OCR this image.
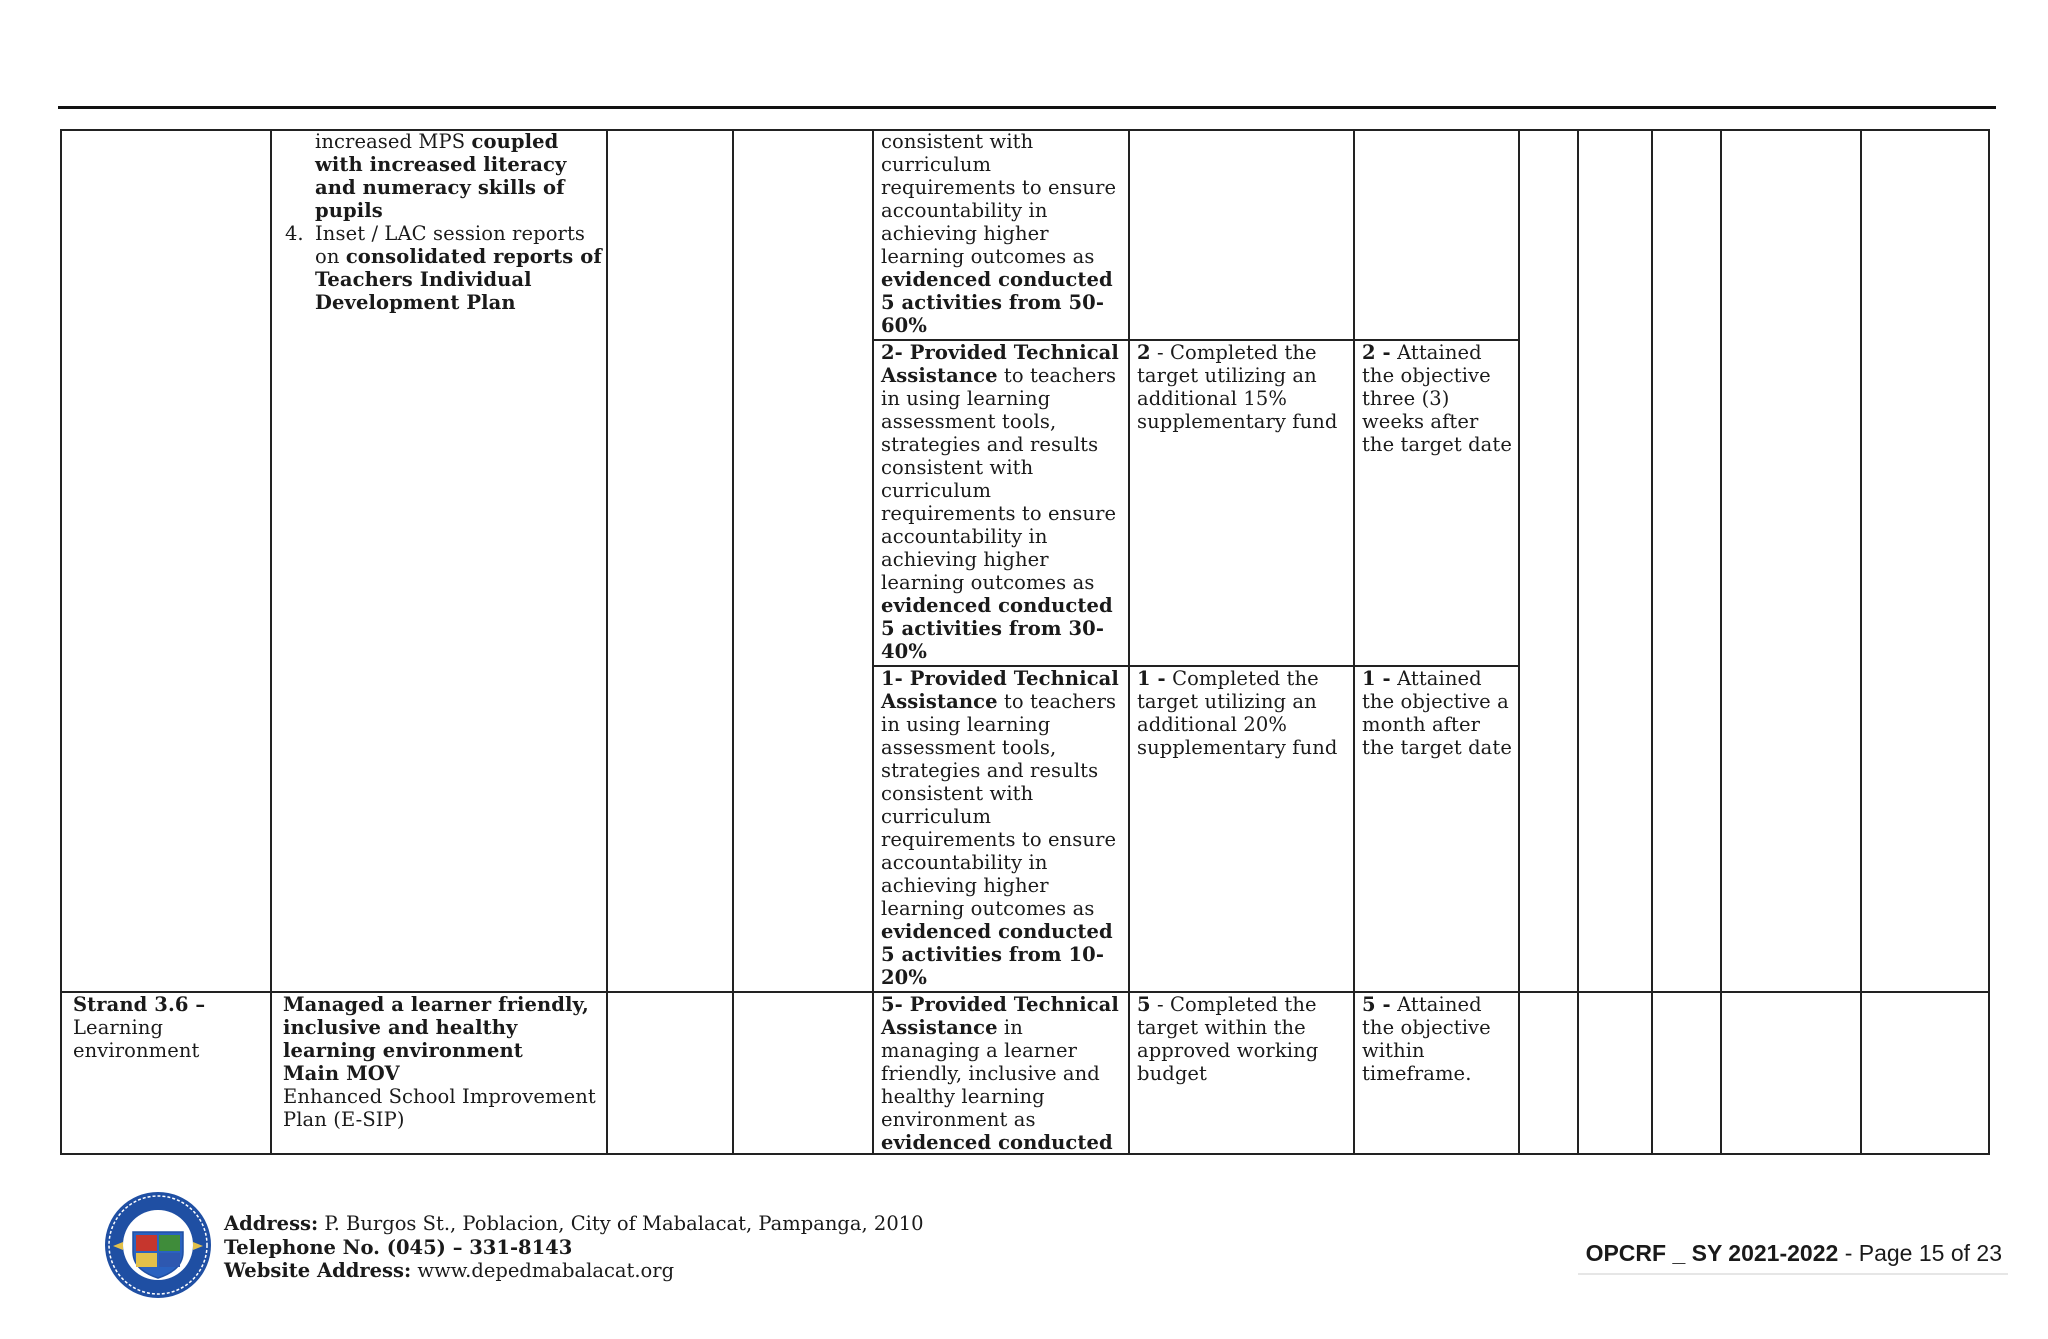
increased MPS coupled
with increased literacy
and numeracy skills of
pupils
Inset / LAC session reports
on consolidated reports of
Teachers Individual
Development Plan
4.
consistent with
curriculum
requirements to ensure
accountability in
achieving higher
learning outcomes as
evidenced conducted
5 activities from 50-
60%
2- Provided Technical
Assistance to teachers
in using learning
assessment tools,
strategies and results
consistent with
curriculum
requirements to ensure
accountability in
achieving higher
learning outcomes as
evidenced conducted
5 activities from 30-
40%
2 - Completed the
target utilizing an
additional 15%
supplementary fund
2 - Attained
the objective
three (3)
weeks after
the target date
1- Provided Technical
Assistance to teachers
in using learning
assessment tools,
strategies and results
consistent with
curriculum
requirements to ensure
accountability in
achieving higher
learning outcomes as
evidenced conducted
5 activities from 10-
20%
1 - Completed the
target utilizing an
additional 20%
supplementary fund
1 - Attained
the objective a
month after
the target date
Strand 3.6 –
Learning
environment
Managed a learner friendly,
inclusive and healthy
learning environment
Main MOV
Enhanced School Improvement
Plan (E-SIP)
5- Provided Technical
Assistance in
managing a learner
friendly, inclusive and
healthy learning
environment as
evidenced conducted
5 - Completed the
target within the
approved working
budget
5 - Attained
the objective
within
timeframe.
Address: P. Burgos St., Poblacion, City of Mabalacat, Pampanga, 2010
Telephone No. (045) – 331-8143
Website Address: www.depedmabalacat.org
OPCRF _ SY 2021-2022 - Page 15 of 23
